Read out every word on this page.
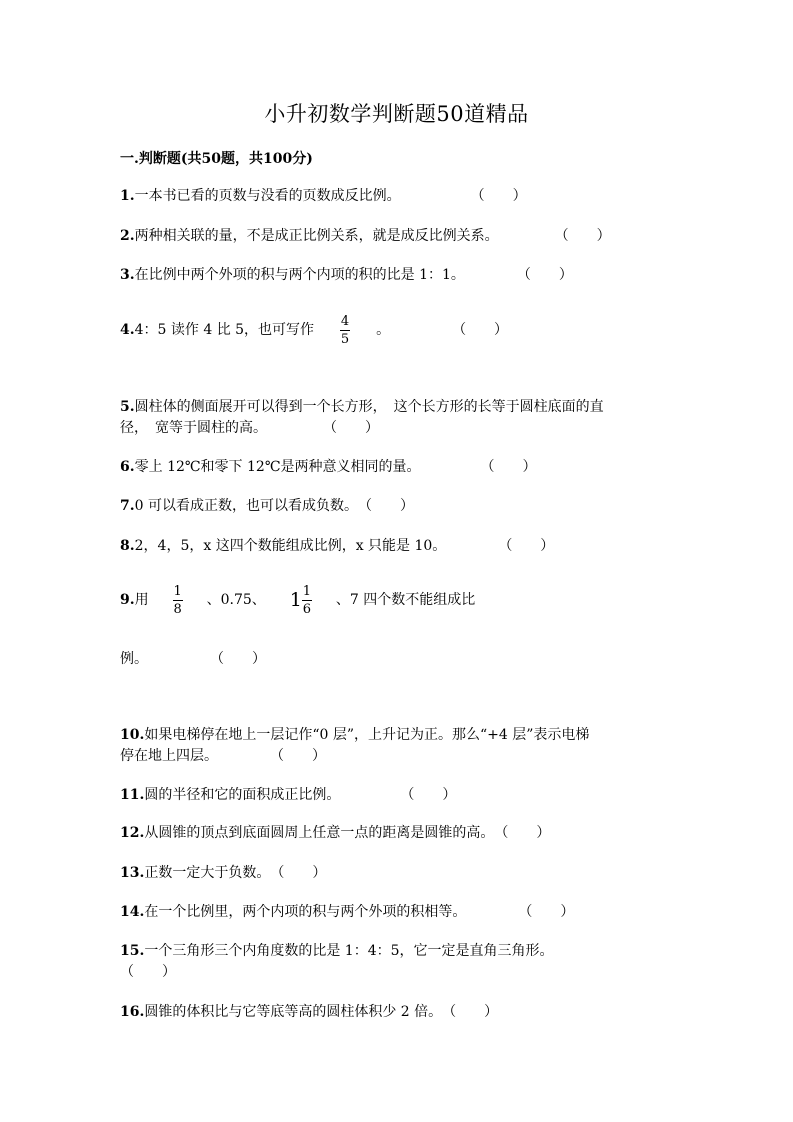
小升初数学判断题50道精品
一.判断题(共50题，共100分)
1.一本书已看的页数与没看的页数成反比例。	（　　）
2.两种相关联的量，不是成正比例关系，就是成反比例关系。	（　　）
3.在比例中两个外项的积与两个内项的积的比是 1：1。	（　　）
4.4：5 读作 4 比 5，也可写作 $\frac{4}{5}$ 。	（　　）
5.圆柱体的侧面展开可以得到一个长方形，　这个长方形的长等于圆柱底面的直
径，　宽等于圆柱的高。	（　　）
6.零上 12℃和零下 12℃是两种意义相同的量。	（　　）
7.0 可以看成正数，也可以看成负数。（　　）
8.2，4，5，x 这四个数能组成比例，x 只能是 10。	（　　）
9.用 $\frac{1}{8}$ 、0.75、 $1 \frac{1}{6}$ 、7 四个数不能组成比
例。	（　　）
10.如果电梯停在地上一层记作“0 层”，上升记为正。那么“+4 层”表示电梯
停在地上四层。	（　　）
11.圆的半径和它的面积成正比例。	（　　）
12.从圆锥的顶点到底面圆周上任意一点的距离是圆锥的高。（　　）
13.正数一定大于负数。（　　）
14.在一个比例里，两个内项的积与两个外项的积相等。	（　　）
15.一个三角形三个内角度数的比是 1：4：5，它一定是直角三角形。
（　　）
16.圆锥的体积比与它等底等高的圆柱体积少 2 倍。（　　）
